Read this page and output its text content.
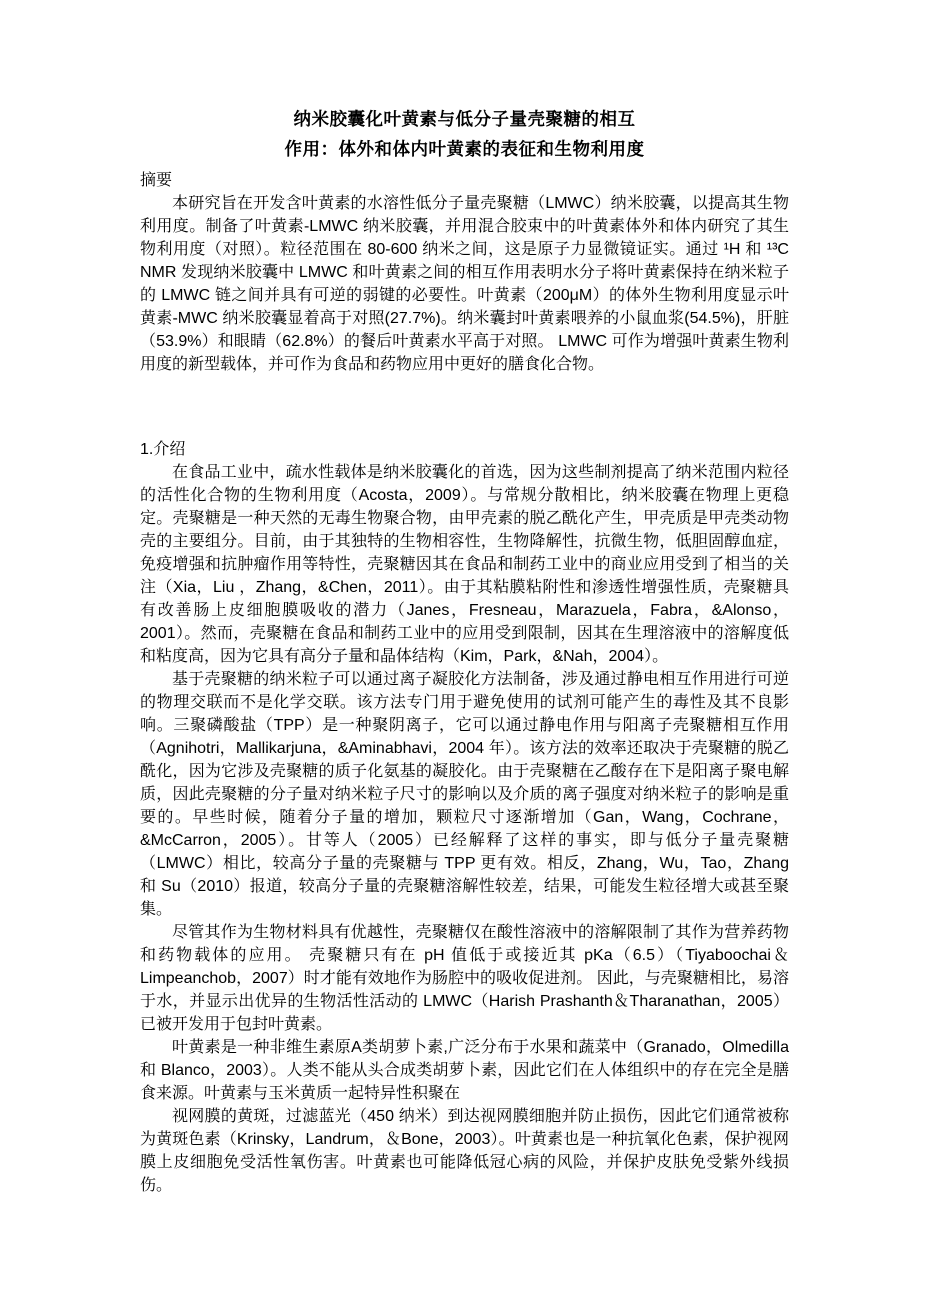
纳米胶囊化叶黄素与低分子量壳聚糖的相互
作用：体外和体内叶黄素的表征和生物利用度
摘要

本研究旨在开发含叶黄素的水溶性低分子量壳聚糖（LMWC）纳米胶囊，以提高其生物利用度。制备了叶黄素-LMWC 纳米胶囊，并用混合胶束中的叶黄素体外和体内研究了其生物利用度（对照）。粒径范围在 80-600 纳米之间，这是原子力显微镜证实。通过 ¹H 和 ¹³C NMR 发现纳米胶囊中 LMWC 和叶黄素之间的相互作用表明水分子将叶黄素保持在纳米粒子的 LMWC 链之间并具有可逆的弱键的必要性。叶黄素（200μM）的体外生物利用度显示叶黄素-MWC 纳米胶囊显着高于对照(27.7%)。纳米囊封叶黄素喂养的小鼠血浆(54.5%)，肝脏（53.9%）和眼睛（62.8%）的餐后叶黄素水平高于对照。 LMWC 可作为增强叶黄素生物利用度的新型载体，并可作为食品和药物应用中更好的膳食化合物。

1.介绍

在食品工业中，疏水性载体是纳米胶囊化的首选，因为这些制剂提高了纳米范围内粒径的活性化合物的生物利用度（Acosta，2009）。与常规分散相比，纳米胶囊在物理上更稳定。壳聚糖是一种天然的无毒生物聚合物，由甲壳素的脱乙酰化产生，甲壳质是甲壳类动物壳的主要组分。目前，由于其独特的生物相容性，生物降解性，抗微生物，低胆固醇血症，免疫增强和抗肿瘤作用等特性，壳聚糖因其在食品和制药工业中的商业应用受到了相当的关注（Xia，Liu ，Zhang，&Chen，2011）。由于其粘膜粘附性和渗透性增强性质，壳聚糖具有改善肠上皮细胞膜吸收的潜力（Janes，Fresneau，Marazuela，Fabra，&Alonso，2001）。然而，壳聚糖在食品和制药工业中的应用受到限制，因其在生理溶液中的溶解度低和粘度高，因为它具有高分子量和晶体结构（Kim，Park，&Nah，2004）。

基于壳聚糖的纳米粒子可以通过离子凝胶化方法制备，涉及通过静电相互作用进行可逆的物理交联而不是化学交联。该方法专门用于避免使用的试剂可能产生的毒性及其不良影响。三聚磷酸盐（TPP）是一种聚阴离子，它可以通过静电作用与阳离子壳聚糖相互作用（Agnihotri，Mallikarjuna，&Aminabhavi，2004 年）。该方法的效率还取决于壳聚糖的脱乙酰化，因为它涉及壳聚糖的质子化氨基的凝胶化。由于壳聚糖在乙酸存在下是阳离子聚电解质，因此壳聚糖的分子量对纳米粒子尺寸的影响以及介质的离子强度对纳米粒子的影响是重要的。早些时候，随着分子量的增加，颗粒尺寸逐渐增加（Gan，Wang，Cochrane，&McCarron，2005）。甘等人（2005）已经解释了这样的事实，即与低分子量壳聚糖（LMWC）相比，较高分子量的壳聚糖与 TPP 更有效。相反，Zhang，Wu，Tao，Zhang 和 Su（2010）报道，较高分子量的壳聚糖溶解性较差，结果，可能发生粒径增大或甚至聚集。

尽管其作为生物材料具有优越性，壳聚糖仅在酸性溶液中的溶解限制了其作为营养药物和药物载体的应用。 壳聚糖只有在 pH 值低于或接近其 pKa（6.5）（Tiyaboochai＆Limpeanchob，2007）时才能有效地作为肠腔中的吸收促进剂。 因此，与壳聚糖相比，易溶于水，并显示出优异的生物活性活动的 LMWC（Harish Prashanth＆Tharanathan，2005）已被开发用于包封叶黄素。

叶黄素是一种非维生素原A类胡萝卜素,广泛分布于水果和蔬菜中（Granado，Olmedilla 和 Blanco，2003）。人类不能从头合成类胡萝卜素，因此它们在人体组织中的存在完全是膳食来源。叶黄素与玉米黄质一起特异性积聚在

视网膜的黄斑，过滤蓝光（450 纳米）到达视网膜细胞并防止损伤，因此它们通常被称为黄斑色素（Krinsky，Landrum，＆Bone，2003）。叶黄素也是一种抗氧化色素，保护视网膜上皮细胞免受活性氧伤害。叶黄素也可能降低冠心病的风险，并保护皮肤免受紫外线损伤。
